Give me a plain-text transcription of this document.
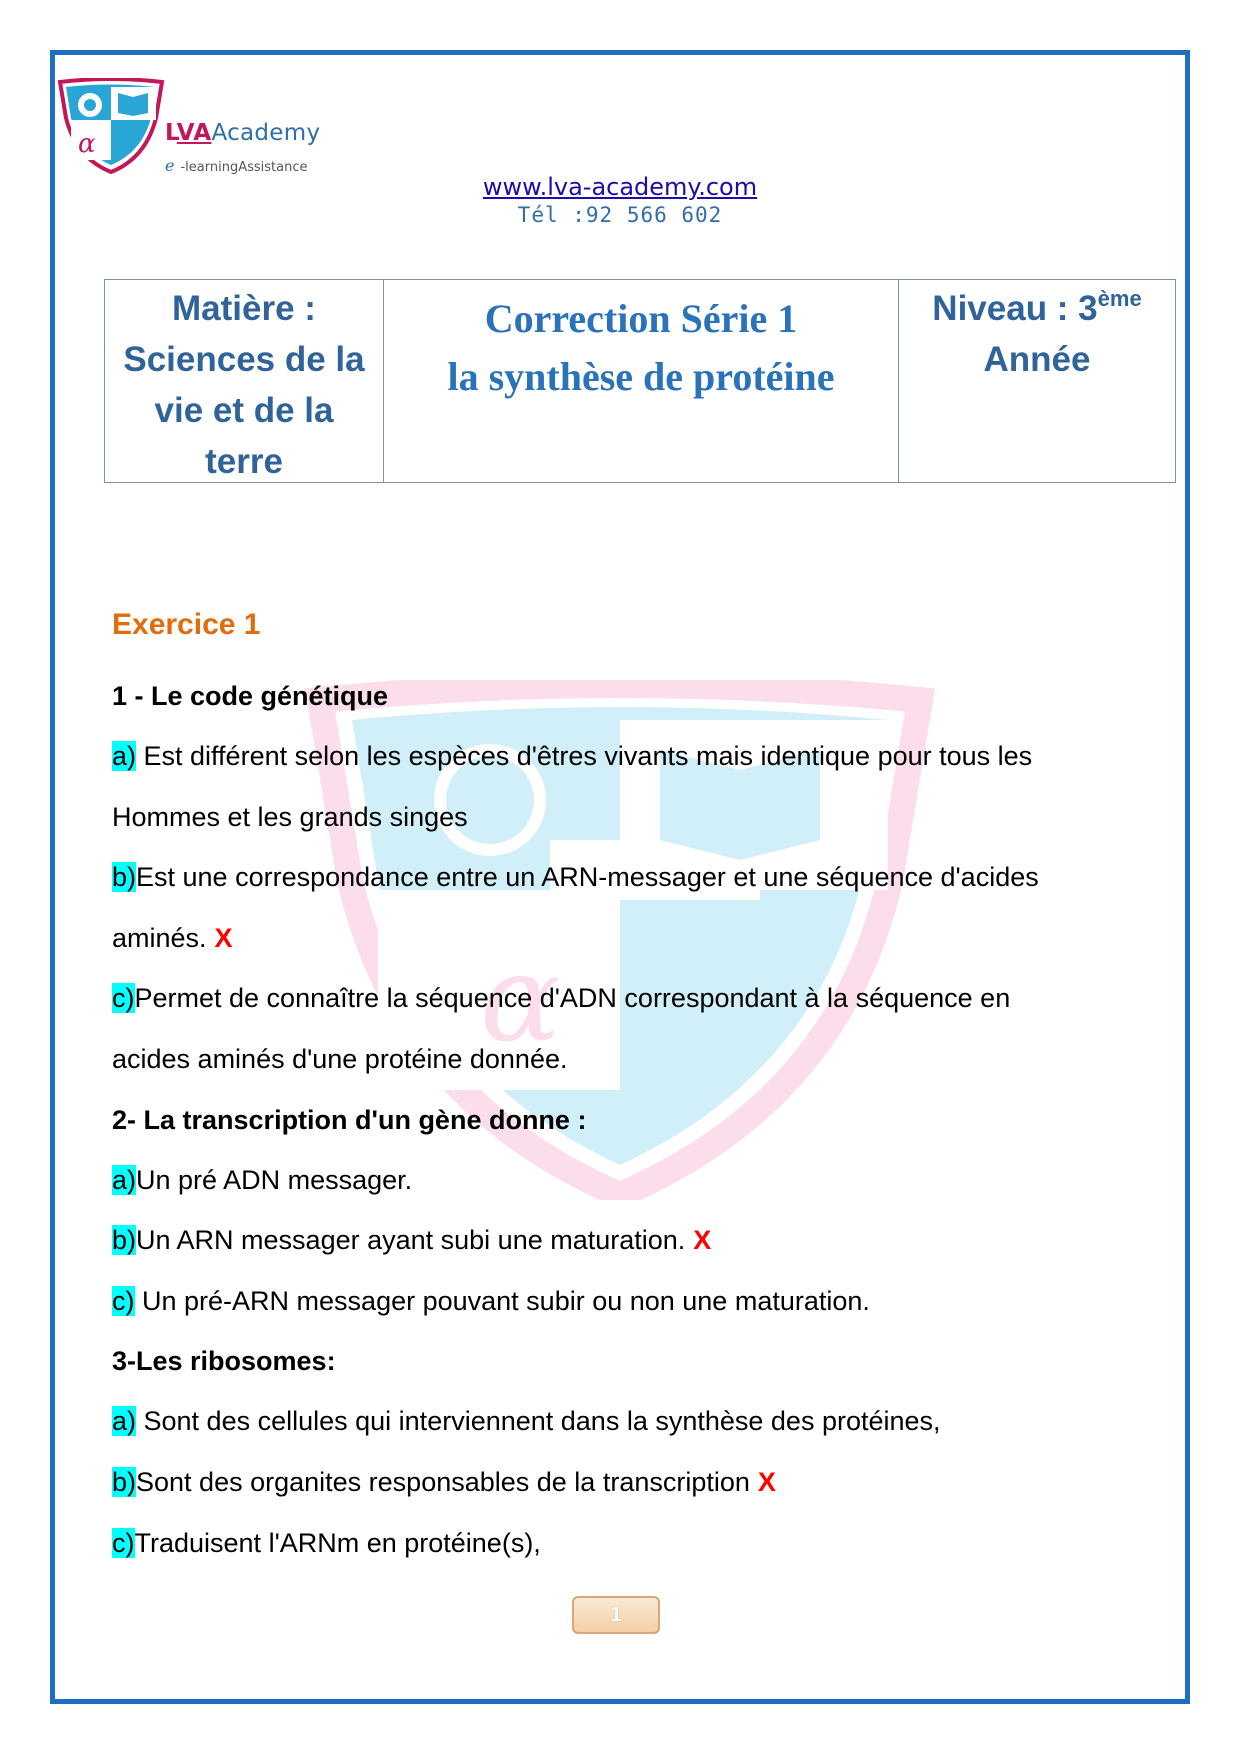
α
α	LVAAcademy
e -learningAssistance
www.lva-academy.com
Tél :92 566 602
Matière :
Sciences de la
vie et de la
terre
Correction Série 1
la synthèse de protéine
Niveau : 3ème
Année
Exercice 1
1 - Le code génétique
a) Est différent selon les espèces d'êtres vivants mais identique pour tous les
Hommes et les grands singes
b)Est une correspondance entre un ARN-messager et une séquence d'acides
aminés. X
c)Permet de connaître la séquence d'ADN correspondant à la séquence en
acides aminés d'une protéine donnée.
2- La transcription d'un gène donne :
a)Un pré ADN messager.
b)Un ARN messager ayant subi une maturation. X
c) Un pré-ARN messager pouvant subir ou non une maturation.
3-Les ribosomes:
a) Sont des cellules qui interviennent dans la synthèse des protéines,
b)Sont des organites responsables de la transcription X
c)Traduisent l'ARNm en protéine(s),
1
